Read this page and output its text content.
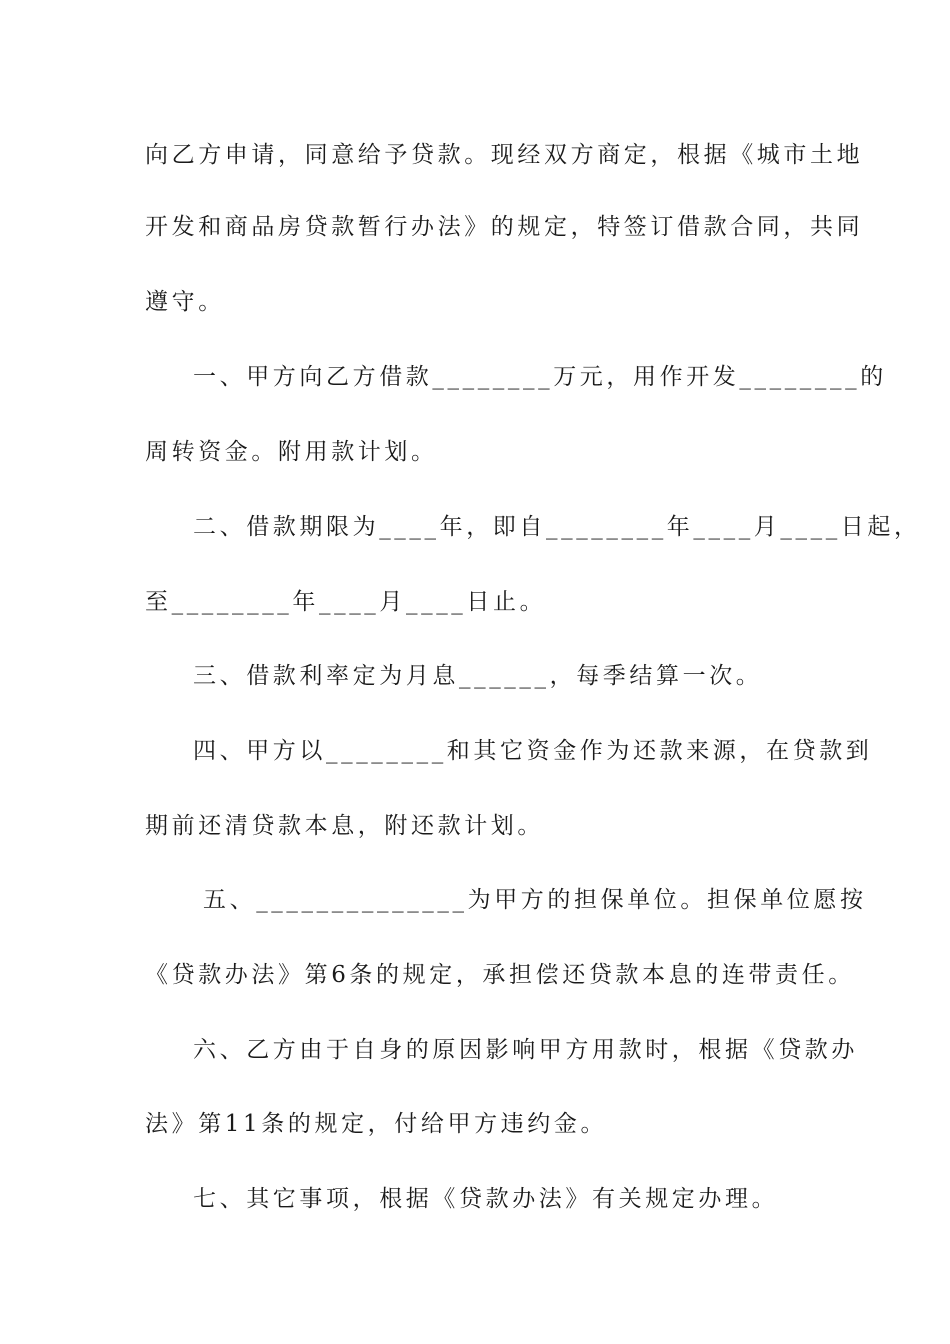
向乙方申请，同意给予贷款。现经双方商定，根据《城市土地
开发和商品房贷款暂行办法》的规定，特签订借款合同，共同
遵守。
一、甲方向乙方借款________万元，用作开发________的
周转资金。附用款计划。
二、借款期限为____年，即自________年____月____日起，
至________年____月____日止。
三、借款利率定为月息______，每季结算一次。
四、甲方以________和其它资金作为还款来源，在贷款到
期前还清贷款本息，附还款计划。
五、______________为甲方的担保单位。担保单位愿按
《贷款办法》第6条的规定，承担偿还贷款本息的连带责任。
六、乙方由于自身的原因影响甲方用款时，根据《贷款办
法》第11条的规定，付给甲方违约金。
七、其它事项，根据《贷款办法》有关规定办理。
